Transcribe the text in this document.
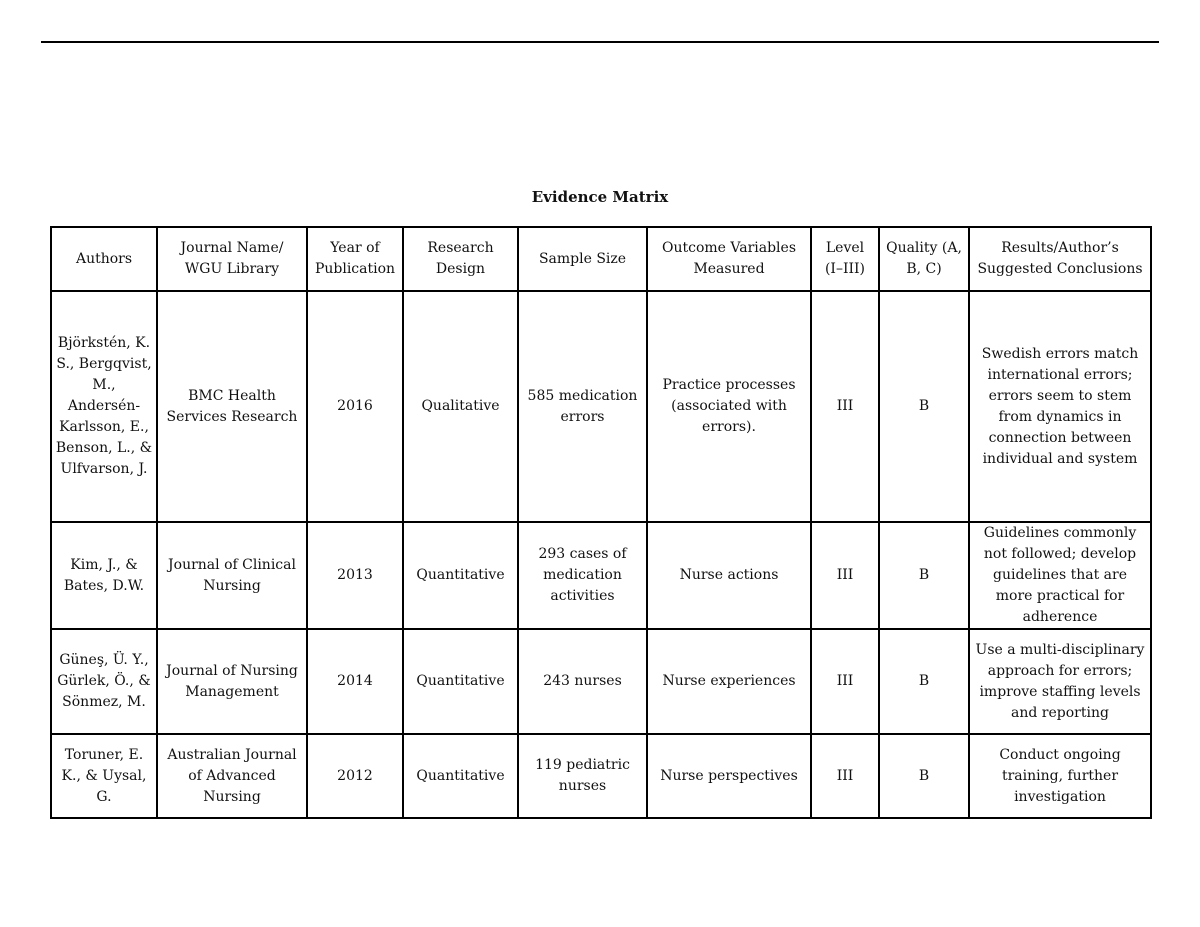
Evidence Matrix
Authors	Journal Name/ WGU Library	Year of Publication	Research Design	Sample Size	Outcome Variables Measured	Level (I–III)	Quality (A, B, C)	Results/Author’s Suggested Conclusions
Björkstén, K. S., Bergqvist, M., Andersén-Karlsson, E., Benson, L., & Ulfvarson, J.	BMC Health Services Research	2016	Qualitative	585 medication errors	Practice processes (associated with errors).	III	B	Swedish errors match international errors; errors seem to stem from dynamics in connection between individual and system
Kim, J., & Bates, D.W.	Journal of Clinical Nursing	2013	Quantitative	293 cases of medication activities	Nurse actions	III	B	Guidelines commonly not followed; develop guidelines that are more practical for adherence
Güneş, Ü. Y., Gürlek, Ö., & Sönmez, M.	Journal of Nursing Management	2014	Quantitative	243 nurses	Nurse experiences	III	B	Use a multi-disciplinary approach for errors; improve staffing levels and reporting
Toruner, E. K., & Uysal, G.	Australian Journal of Advanced Nursing	2012	Quantitative	119 pediatric nurses	Nurse perspectives	III	B	Conduct ongoing training, further investigation
